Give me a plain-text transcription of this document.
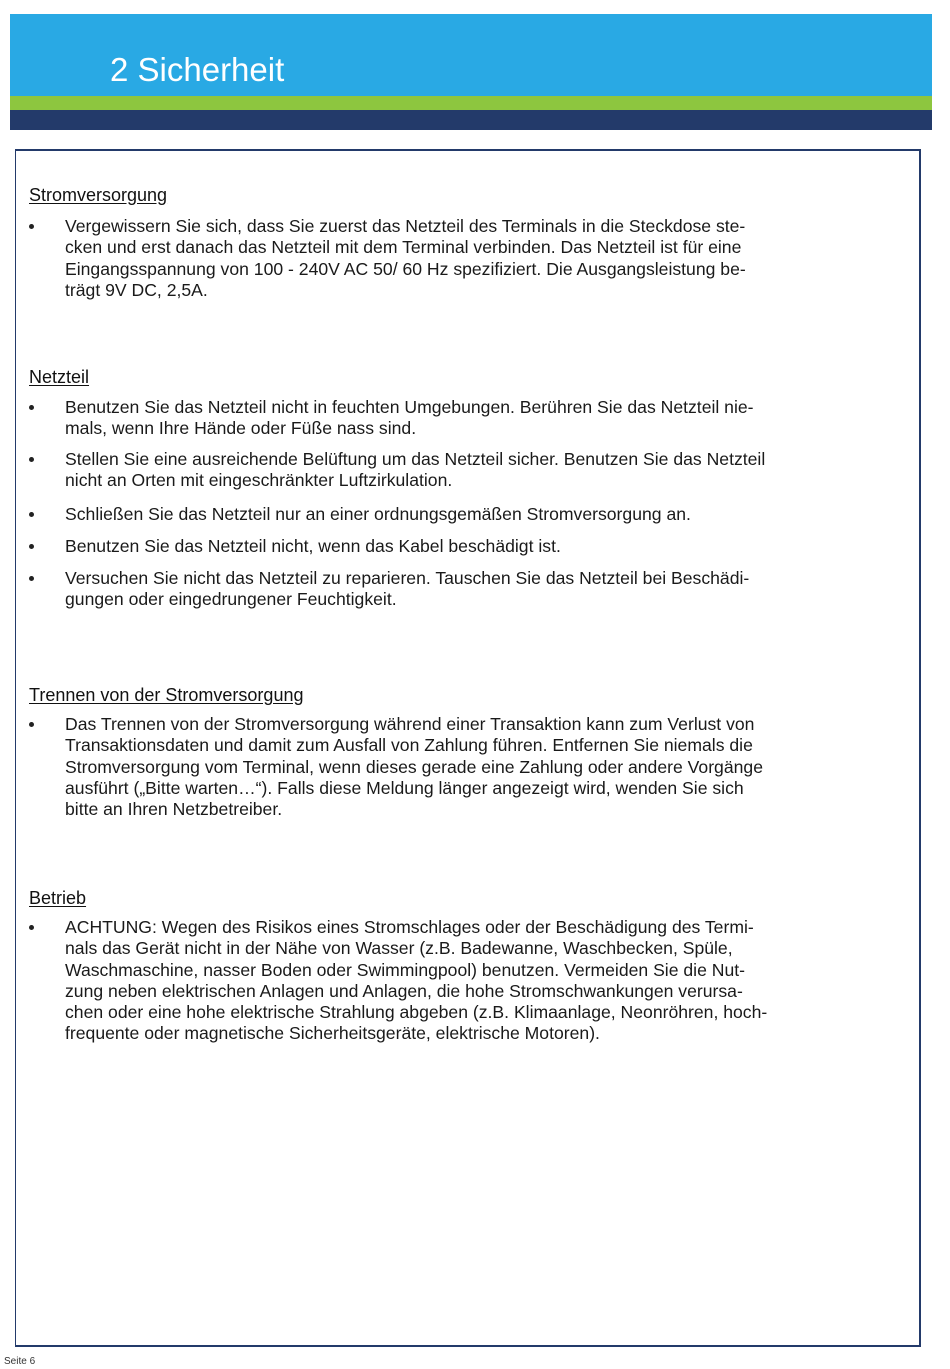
2 Sicherheit
Stromversorgung
Vergewissern Sie sich, dass Sie zuerst das Netzteil des Terminals in die Steckdose ste-
cken und erst danach das Netzteil mit dem Terminal verbinden. Das Netzteil ist für eine
Eingangsspannung von 100 - 240V AC 50/ 60 Hz spezifiziert. Die Ausgangsleistung be-
trägt 9V DC, 2,5A.
Netzteil
Benutzen Sie das Netzteil nicht in feuchten Umgebungen. Berühren Sie das Netzteil nie-
mals, wenn Ihre Hände oder Füße nass sind.
Stellen Sie eine ausreichende Belüftung um das Netzteil sicher. Benutzen Sie das Netzteil
nicht an Orten mit eingeschränkter Luftzirkulation.
Schließen Sie das Netzteil nur an einer ordnungsgemäßen Stromversorgung an.
Benutzen Sie das Netzteil nicht, wenn das Kabel beschädigt ist.
Versuchen Sie nicht das Netzteil zu reparieren. Tauschen Sie das Netzteil bei Beschädi-
gungen oder eingedrungener Feuchtigkeit.
Trennen von der Stromversorgung
Das Trennen von der Stromversorgung während einer Transaktion kann zum Verlust von
Transaktionsdaten und damit zum Ausfall von Zahlung führen. Entfernen Sie niemals die
Stromversorgung vom Terminal, wenn dieses gerade eine Zahlung oder andere Vorgänge
ausführt („Bitte warten…“). Falls diese Meldung länger angezeigt wird, wenden Sie sich
bitte an Ihren Netzbetreiber.
Betrieb
ACHTUNG: Wegen des Risikos eines Stromschlages oder der Beschädigung des Termi-
nals das Gerät nicht in der Nähe von Wasser (z.B. Badewanne, Waschbecken, Spüle,
Waschmaschine, nasser Boden oder Swimmingpool) benutzen. Vermeiden Sie die Nut-
zung neben elektrischen Anlagen und Anlagen, die hohe Stromschwankungen verursa-
chen oder eine hohe elektrische Strahlung abgeben (z.B. Klimaanlage, Neonröhren, hoch-
frequente oder magnetische Sicherheitsgeräte, elektrische Motoren).
Seite 6
